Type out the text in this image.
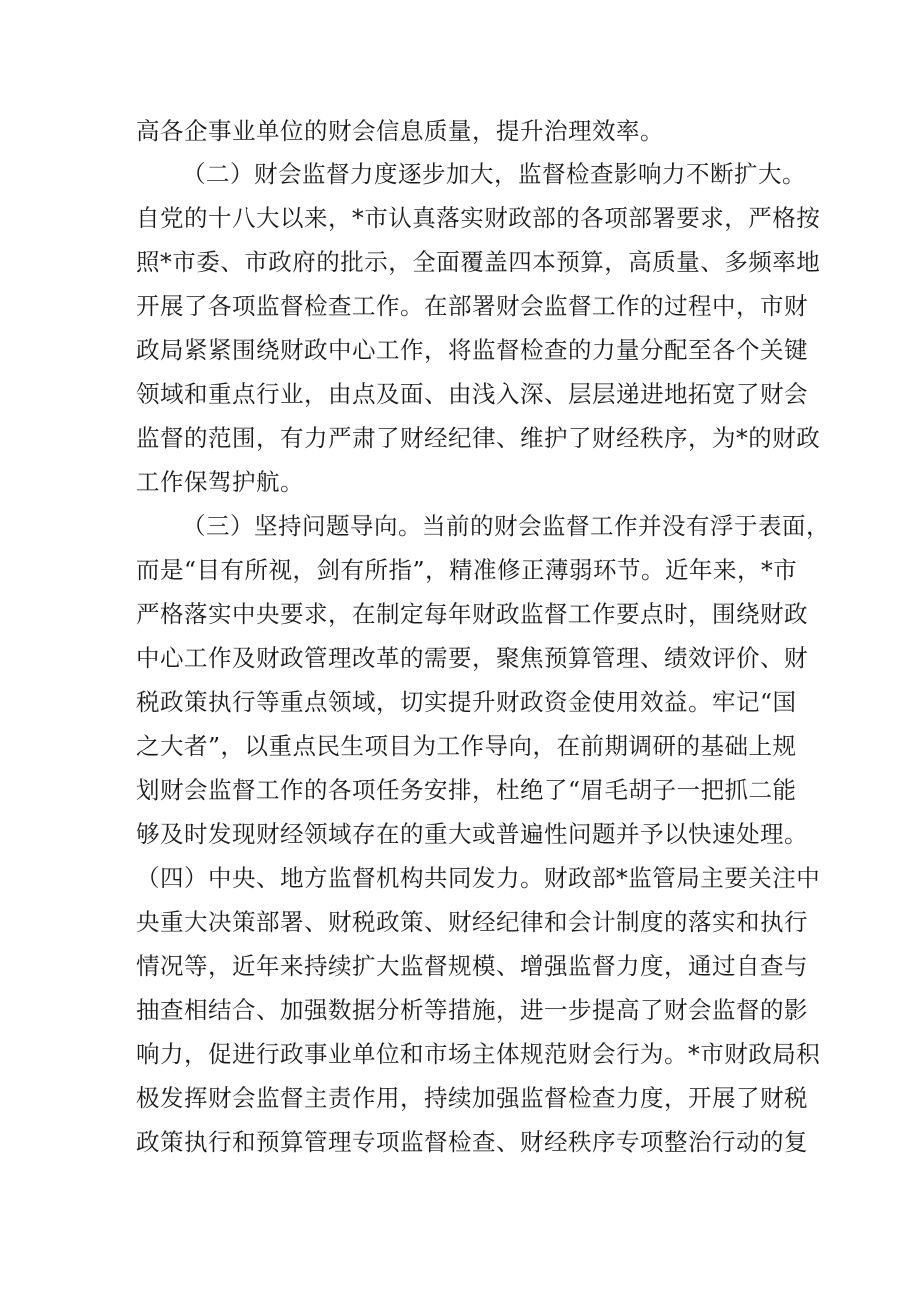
高各企事业单位的财会信息质量，提升治理效率。
（二）财会监督力度逐步加大，监督检查影响力不断扩大。
自党的十八大以来，*市认真落实财政部的各项部署要求，严格按
照*市委、市政府的批示，全面覆盖四本预算，高质量、多频率地
开展了各项监督检查工作。在部署财会监督工作的过程中，市财
政局紧紧围绕财政中心工作，将监督检查的力量分配至各个关键
领域和重点行业，由点及面、由浅入深、层层递进地拓宽了财会
监督的范围，有力严肃了财经纪律、维护了财经秩序，为*的财政
工作保驾护航。
（三）坚持问题导向。当前的财会监督工作并没有浮于表面，
而是“目有所视，剑有所指”，精准修正薄弱环节。近年来，*市
严格落实中央要求，在制定每年财政监督工作要点时，围绕财政
中心工作及财政管理改革的需要，聚焦预算管理、绩效评价、财
税政策执行等重点领域，切实提升财政资金使用效益。牢记“国
之大者”，以重点民生项目为工作导向，在前期调研的基础上规
划财会监督工作的各项任务安排，杜绝了“眉毛胡子一把抓二能
够及时发现财经领域存在的重大或普遍性问题并予以快速处理。
（四）中央、地方监督机构共同发力。财政部*监管局主要关注中
央重大决策部署、财税政策、财经纪律和会计制度的落实和执行
情况等，近年来持续扩大监督规模、增强监督力度，通过自查与
抽查相结合、加强数据分析等措施，进一步提高了财会监督的影
响力，促进行政事业单位和市场主体规范财会行为。*市财政局积
极发挥财会监督主责作用，持续加强监督检查力度，开展了财税
政策执行和预算管理专项监督检查、财经秩序专项整治行动的复
